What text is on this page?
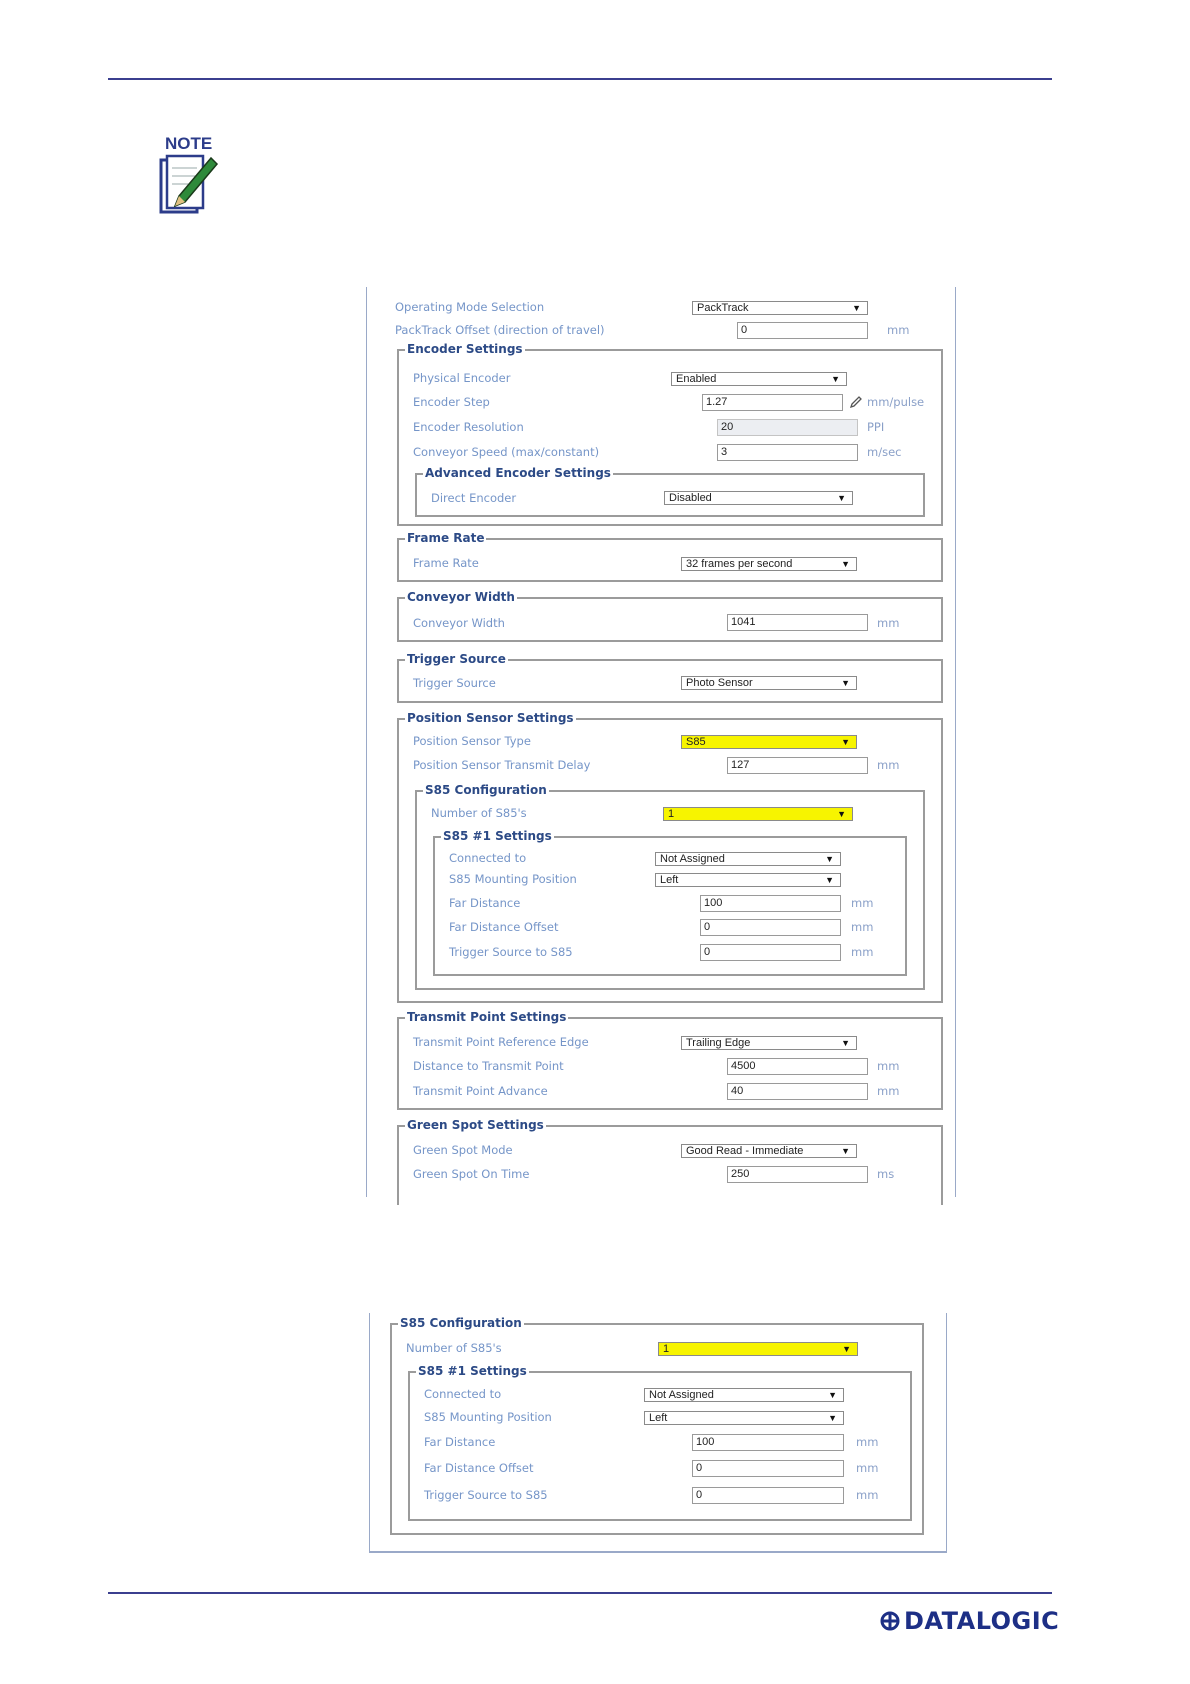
NOTE
Operating Mode Selection	PackTrack	▼
PackTrack Offset (direction of travel)	0	mm
Encoder Settings
Physical Encoder	Enabled	▼
Encoder Step	1.27	mm/pulse
Encoder Resolution	20	PPI
Conveyor Speed (max/constant)	3	m/sec
Advanced Encoder Settings
Direct Encoder	Disabled	▼
Frame Rate
Frame Rate	32 frames per second	▼
Conveyor Width
Conveyor Width	1041	mm
Trigger Source
Trigger Source	Photo Sensor	▼
Position Sensor Settings
Position Sensor Type	S85	▼
Position Sensor Transmit Delay	127	mm
S85 Configuration
Number of S85's	1	▼
S85 #1 Settings
Connected to	Not Assigned	▼
S85 Mounting Position	Left	▼
Far Distance	100	mm
Far Distance Offset	0	mm
Trigger Source to S85	0	mm
Transmit Point Settings
Transmit Point Reference Edge	Trailing Edge	▼
Distance to Transmit Point	4500	mm
Transmit Point Advance	40	mm
Green Spot Settings
Green Spot Mode	Good Read - Immediate	▼
Green Spot On Time	250	ms
S85 Configuration
Number of S85's	1	▼
S85 #1 Settings
Connected to	Not Assigned	▼
S85 Mounting Position	Left	▼
Far Distance	100	mm
Far Distance Offset	0	mm
Trigger Source to S85	0	mm
DATALOGIC
